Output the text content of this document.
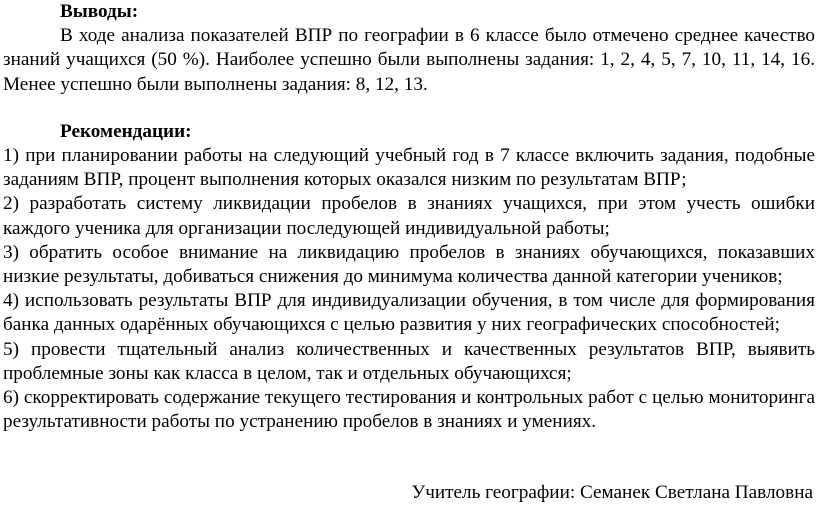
Выводы:

В ходе анализа показателей ВПР по географии в 6 классе было отмечено среднее качество знаний учащихся (50 %). Наиболее успешно были выполнены задания: 1, 2, 4, 5, 7, 10, 11, 14, 16. Менее успешно были выполнены задания: 8, 12, 13.

Рекомендации:

1) при планировании работы на следующий учебный год в 7 классе включить задания, подобные заданиям ВПР, процент выполнения которых оказался низким по результатам ВПР;

2) разработать систему ликвидации пробелов в знаниях учащихся, при этом учесть ошибки каждого ученика для организации последующей индивидуальной работы;

3) обратить особое внимание на ликвидацию пробелов в знаниях обучающихся, показавших низкие результаты, добиваться снижения до минимума количества данной категории учеников;

4) использовать результаты ВПР для индивидуализации обучения, в том числе для формирования банка данных одарённых обучающихся с целью развития у них географических способностей;

5) провести тщательный анализ количественных и качественных результатов ВПР, выявить проблемные зоны как класса в целом, так и отдельных обучающихся;

6) скорректировать содержание текущего тестирования и контрольных работ с целью мониторинга результативности работы по устранению пробелов в знаниях и умениях.

Учитель географии: Семанек Светлана Павловна
